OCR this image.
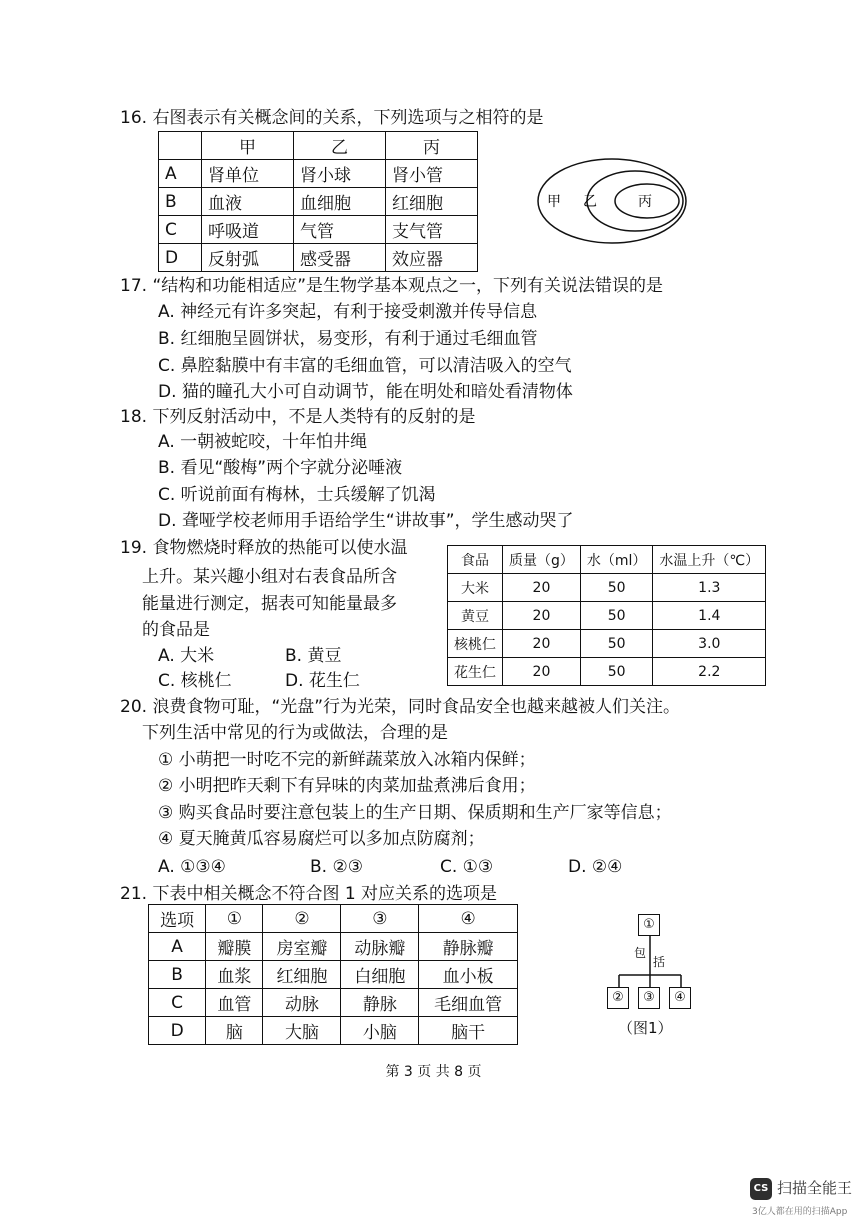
16. 右图表示有关概念间的关系，下列选项与之相符的是
	甲	乙	丙
A	肾单位	肾小球	肾小管
B	血液	血细胞	红细胞
C	呼吸道	气管	支气管
D	反射弧	感受器	效应器
甲 乙	丙
17. “结构和功能相适应”是生物学基本观点之一，下列有关说法错误的是
A. 神经元有许多突起，有利于接受刺激并传导信息
B. 红细胞呈圆饼状，易变形，有利于通过毛细血管
C. 鼻腔黏膜中有丰富的毛细血管，可以清洁吸入的空气
D. 猫的瞳孔大小可自动调节，能在明处和暗处看清物体
18. 下列反射活动中，不是人类特有的反射的是
A. 一朝被蛇咬，十年怕井绳
B. 看见“酸梅”两个字就分泌唾液
C. 听说前面有梅林，士兵缓解了饥渴
D. 聋哑学校老师用手语给学生“讲故事”，学生感动哭了
19. 食物燃烧时释放的热能可以使水温
上升。某兴趣小组对右表食品所含
能量进行测定，据表可知能量最多
的食品是
A. 大米	B. 黄豆
C. 核桃仁	D. 花生仁
食品	质量（g）	水（ml）	水温上升（℃）
大米	20	50	1.3
黄豆	20	50	1.4
核桃仁	20	50	3.0
花生仁	20	50	2.2
20. 浪费食物可耻，“光盘”行为光荣，同时食品安全也越来越被人们关注。
下列生活中常见的行为或做法，合理的是
① 小萌把一时吃不完的新鲜蔬菜放入冰箱内保鲜；
② 小明把昨天剩下有异味的肉菜加盐煮沸后食用；
③ 购买食品时要注意包装上的生产日期、保质期和生产厂家等信息；
④ 夏天腌黄瓜容易腐烂可以多加点防腐剂；
A. ①③④	B. ②③	C. ①③	D. ②④
21. 下表中相关概念不符合图 1 对应关系的选项是
选项	①	②	③	④
A	瓣膜	房室瓣	动脉瓣	静脉瓣
B	血浆	红细胞	白细胞	血小板
C	血管	动脉	静脉	毛细血管
D	脑	大脑	小脑	脑干
①
包
括
②	③	④
（图1）
第 3 页 共 8 页
CS 扫描全能王
3亿人都在用的扫描App
